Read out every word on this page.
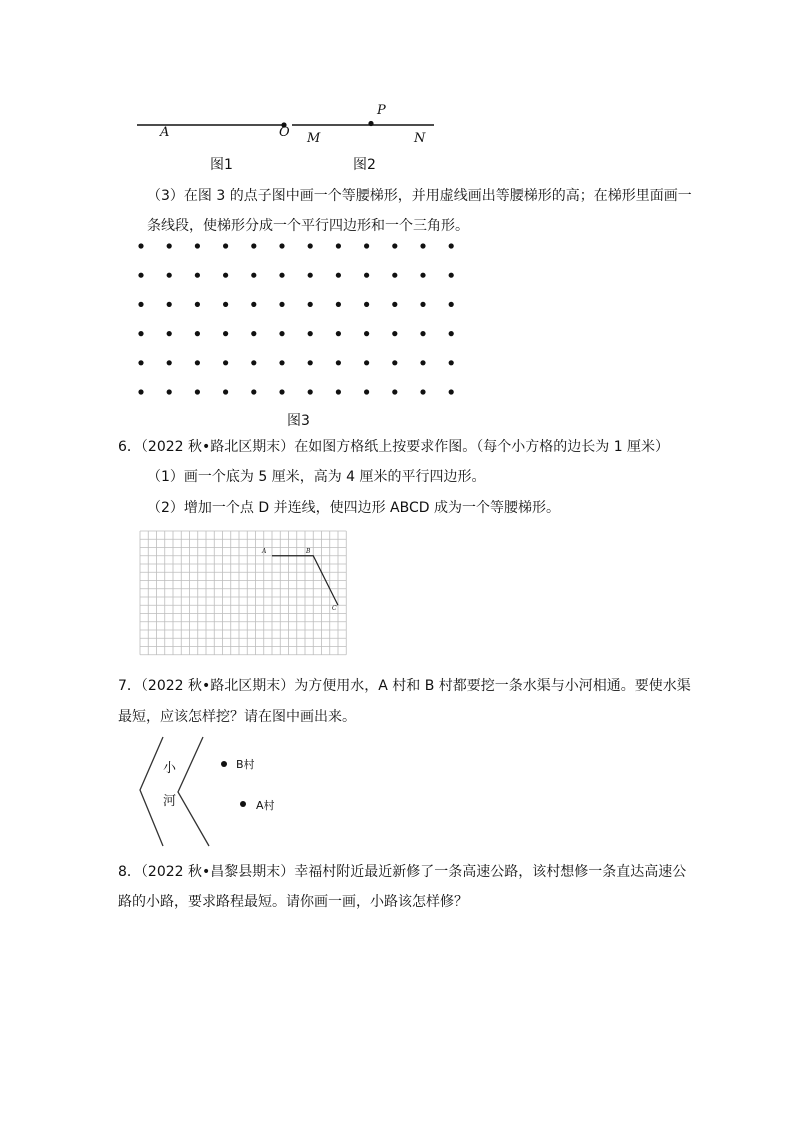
A	O M
P
N
图1	图2
（3）在图 3 的点子图中画一个等腰梯形，并用虚线画出等腰梯形的高；在梯形里面画一
条线段，使梯形分成一个平行四边形和一个三角形。
图3
6．（2022 秋•路北区期末）在如图方格纸上按要求作图。（每个小方格的边长为 1 厘米）
（1）画一个底为 5 厘米，高为 4 厘米的平行四边形。
（2）增加一个点 D 并连线，使四边形 ABCD 成为一个等腰梯形。
A	B
C
7．（2022 秋•路北区期末）为方便用水，A 村和 B 村都要挖一条水渠与小河相通。要使水渠
最短，应该怎样挖？请在图中画出来。
小
河
B村
A村
8．（2022 秋•昌黎县期末）幸福村附近最近新修了一条高速公路，该村想修一条直达高速公
路的小路，要求路程最短。请你画一画，小路该怎样修？
